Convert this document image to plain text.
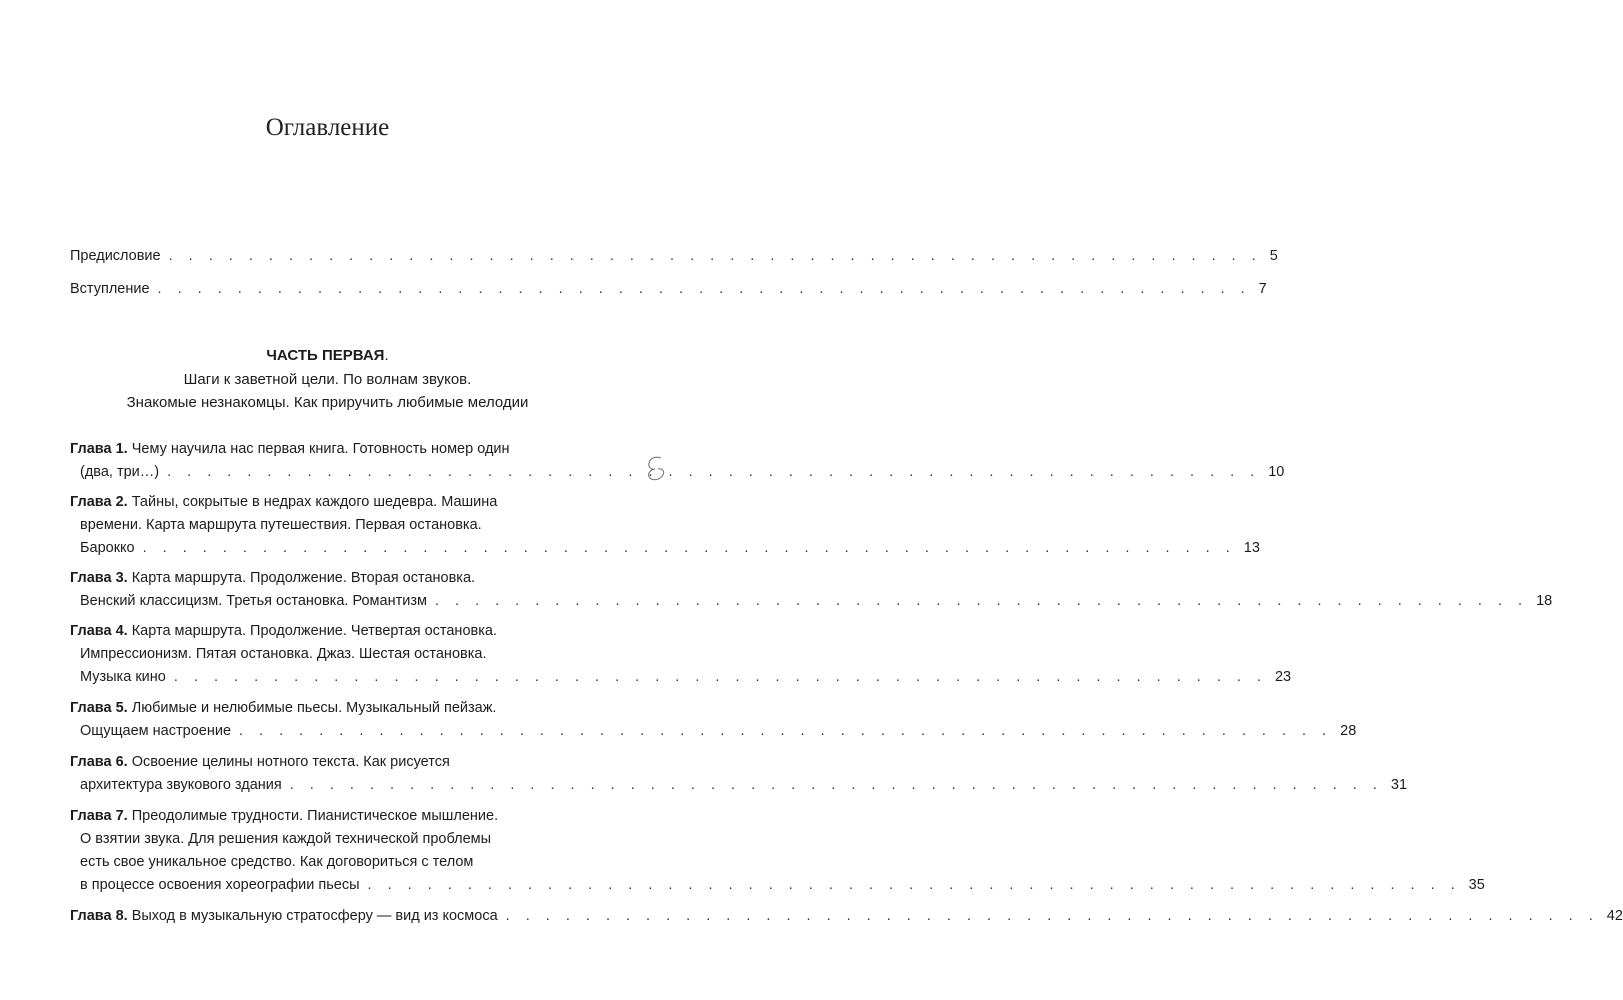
Оглавление
Предисловие . . . . . . . . . . . . . . . . . . . . . . . . . . . . . . . . . . . . . . . . . . . . . . . . . . . . . . . 5
Вступление . . . . . . . . . . . . . . . . . . . . . . . . . . . . . . . . . . . . . . . . . . . . . . . . . . . . . . . 7
ЧАСТЬ ПЕРВАЯ.
Шаги к заветной цели. По волнам звуков.
Знакомые незнакомцы. Как приручить любимые мелодии
Глава 1. Чему научила нас первая книга. Готовность номер один
(два, три…) . . . . . . . . . . . . . . . . . . . . . . . . . . . . . . . . . . . . . . . . . . . . . . . . . . . . . . . 10
Глава 2. Тайны, сокрытые в недрах каждого шедевра. Машина
времени. Карта маршрута путешествия. Первая остановка.
Барокко . . . . . . . . . . . . . . . . . . . . . . . . . . . . . . . . . . . . . . . . . . . . . . . . . . . . . . . 13
Глава 3. Карта маршрута. Продолжение. Вторая остановка.
Венский классицизм. Третья остановка. Романтизм . . . . . . . . . . . . . . . . . . . . . . . . . . . . . . . . . . . . . . . . . . . . . . . . . . . . . . . 18
Глава 4. Карта маршрута. Продолжение. Четвертая остановка.
Импрессионизм. Пятая остановка. Джаз. Шестая остановка.
Музыка кино . . . . . . . . . . . . . . . . . . . . . . . . . . . . . . . . . . . . . . . . . . . . . . . . . . . . . . . 23
Глава 5. Любимые и нелюбимые пьесы. Музыкальный пейзаж.
Ощущаем настроение . . . . . . . . . . . . . . . . . . . . . . . . . . . . . . . . . . . . . . . . . . . . . . . . . . . . . . . 28
Глава 6. Освоение целины нотного текста. Как рисуется
архитектура звукового здания . . . . . . . . . . . . . . . . . . . . . . . . . . . . . . . . . . . . . . . . . . . . . . . . . . . . . . . 31
Глава 7. Преодолимые трудности. Пианистическое мышление.
О взятии звука. Для решения каждой технической проблемы
есть свое уникальное средство. Как договориться с телом
в процессе освоения хореографии пьесы . . . . . . . . . . . . . . . . . . . . . . . . . . . . . . . . . . . . . . . . . . . . . . . . . . . . . . . 35
Глава 8. Выход в музыкальную стратосферу — вид из космоса . . . . . . . . . . . . . . . . . . . . . . . . . . . . . . . . . . . . . . . . . . . . . . . . . . . . . . . 42
